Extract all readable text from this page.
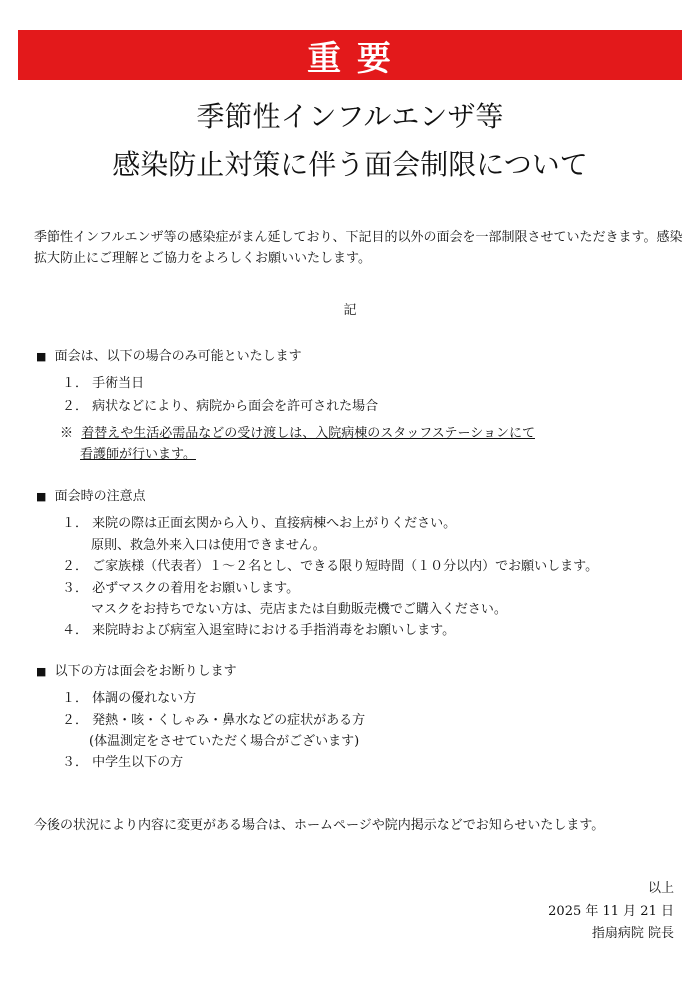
重 要
季節性インフルエンザ等
感染防止対策に伴う面会制限について
季節性インフルエンザ等の感染症がまん延しており、下記目的以外の面会を一部制限させていただきます。感染拡大防止にご理解とご協力をよろしくお願いいたします。
記
■ 面会は、以下の場合のみ可能といたします
１． 手術当日
２． 病状などにより、病院から面会を許可された場合
※ 着替えや生活必需品などの受け渡しは、入院病棟のスタッフステーションにて
看護師が行います。
■ 面会時の注意点
１． 来院の際は正面玄関から入り、直接病棟へお上がりください。
原則、救急外来入口は使用できません。
２． ご家族様（代表者）１～２名とし、できる限り短時間（１０分以内）でお願いします。
３． 必ずマスクの着用をお願いします。
マスクをお持ちでない方は、売店または自動販売機でご購入ください。
４． 来院時および病室入退室時における手指消毒をお願いします。
■ 以下の方は面会をお断りします
１． 体調の優れない方
２． 発熱・咳・くしゃみ・鼻水などの症状がある方
(体温測定をさせていただく場合がございます)
３． 中学生以下の方
今後の状況により内容に変更がある場合は、ホームページや院内掲示などでお知らせいたします。
以上
2025 年 11 月 21 日
指扇病院 院長
